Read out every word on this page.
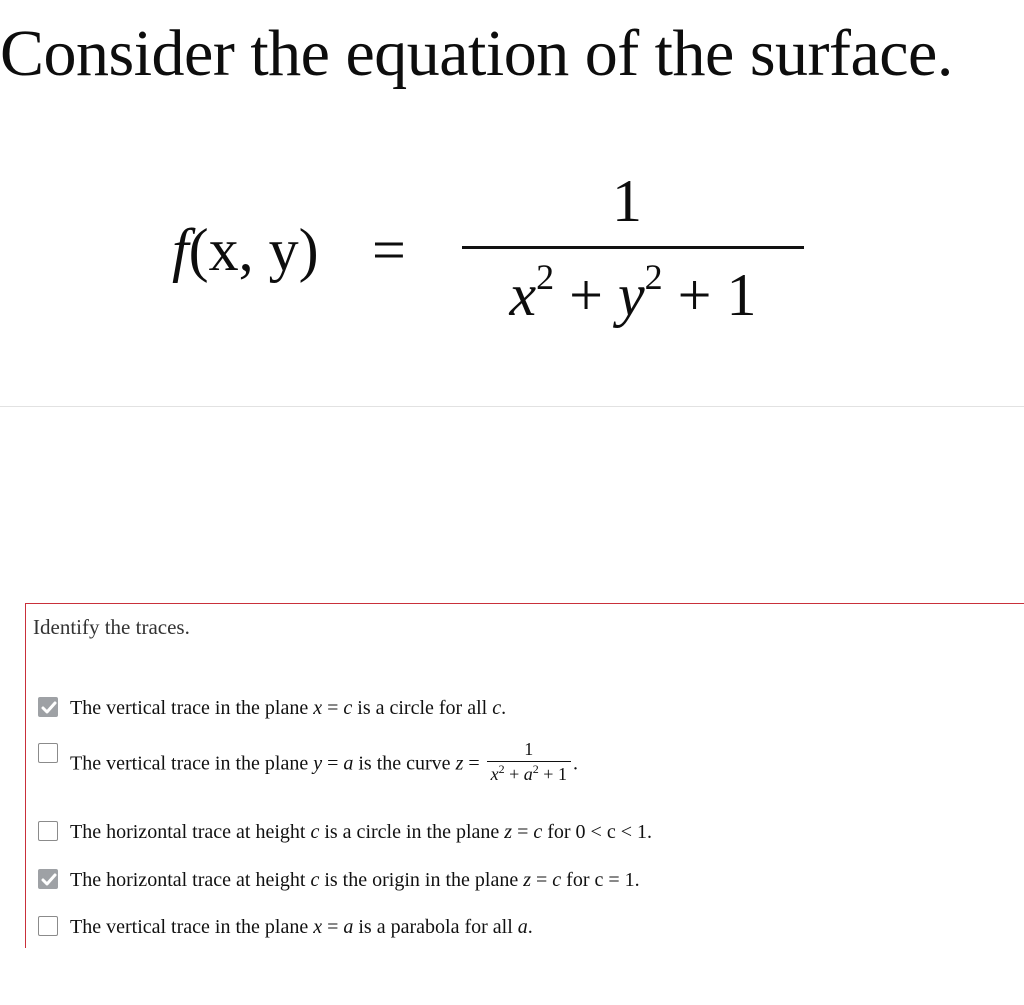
Consider the equation of the surface.
f(x, y) =
1
$x^2 + y^2 + 1$
Identify the traces.
The vertical trace in the plane x = c is a circle for all c.
The vertical trace in the plane y = a is the curve $z = \frac{1}{x^2 + a^2 + 1}$ .
The horizontal trace at height c is a circle in the plane z = c for 0 < c < 1.
The horizontal trace at height c is the origin in the plane z = c for c = 1.
The vertical trace in the plane x = a is a parabola for all a.
